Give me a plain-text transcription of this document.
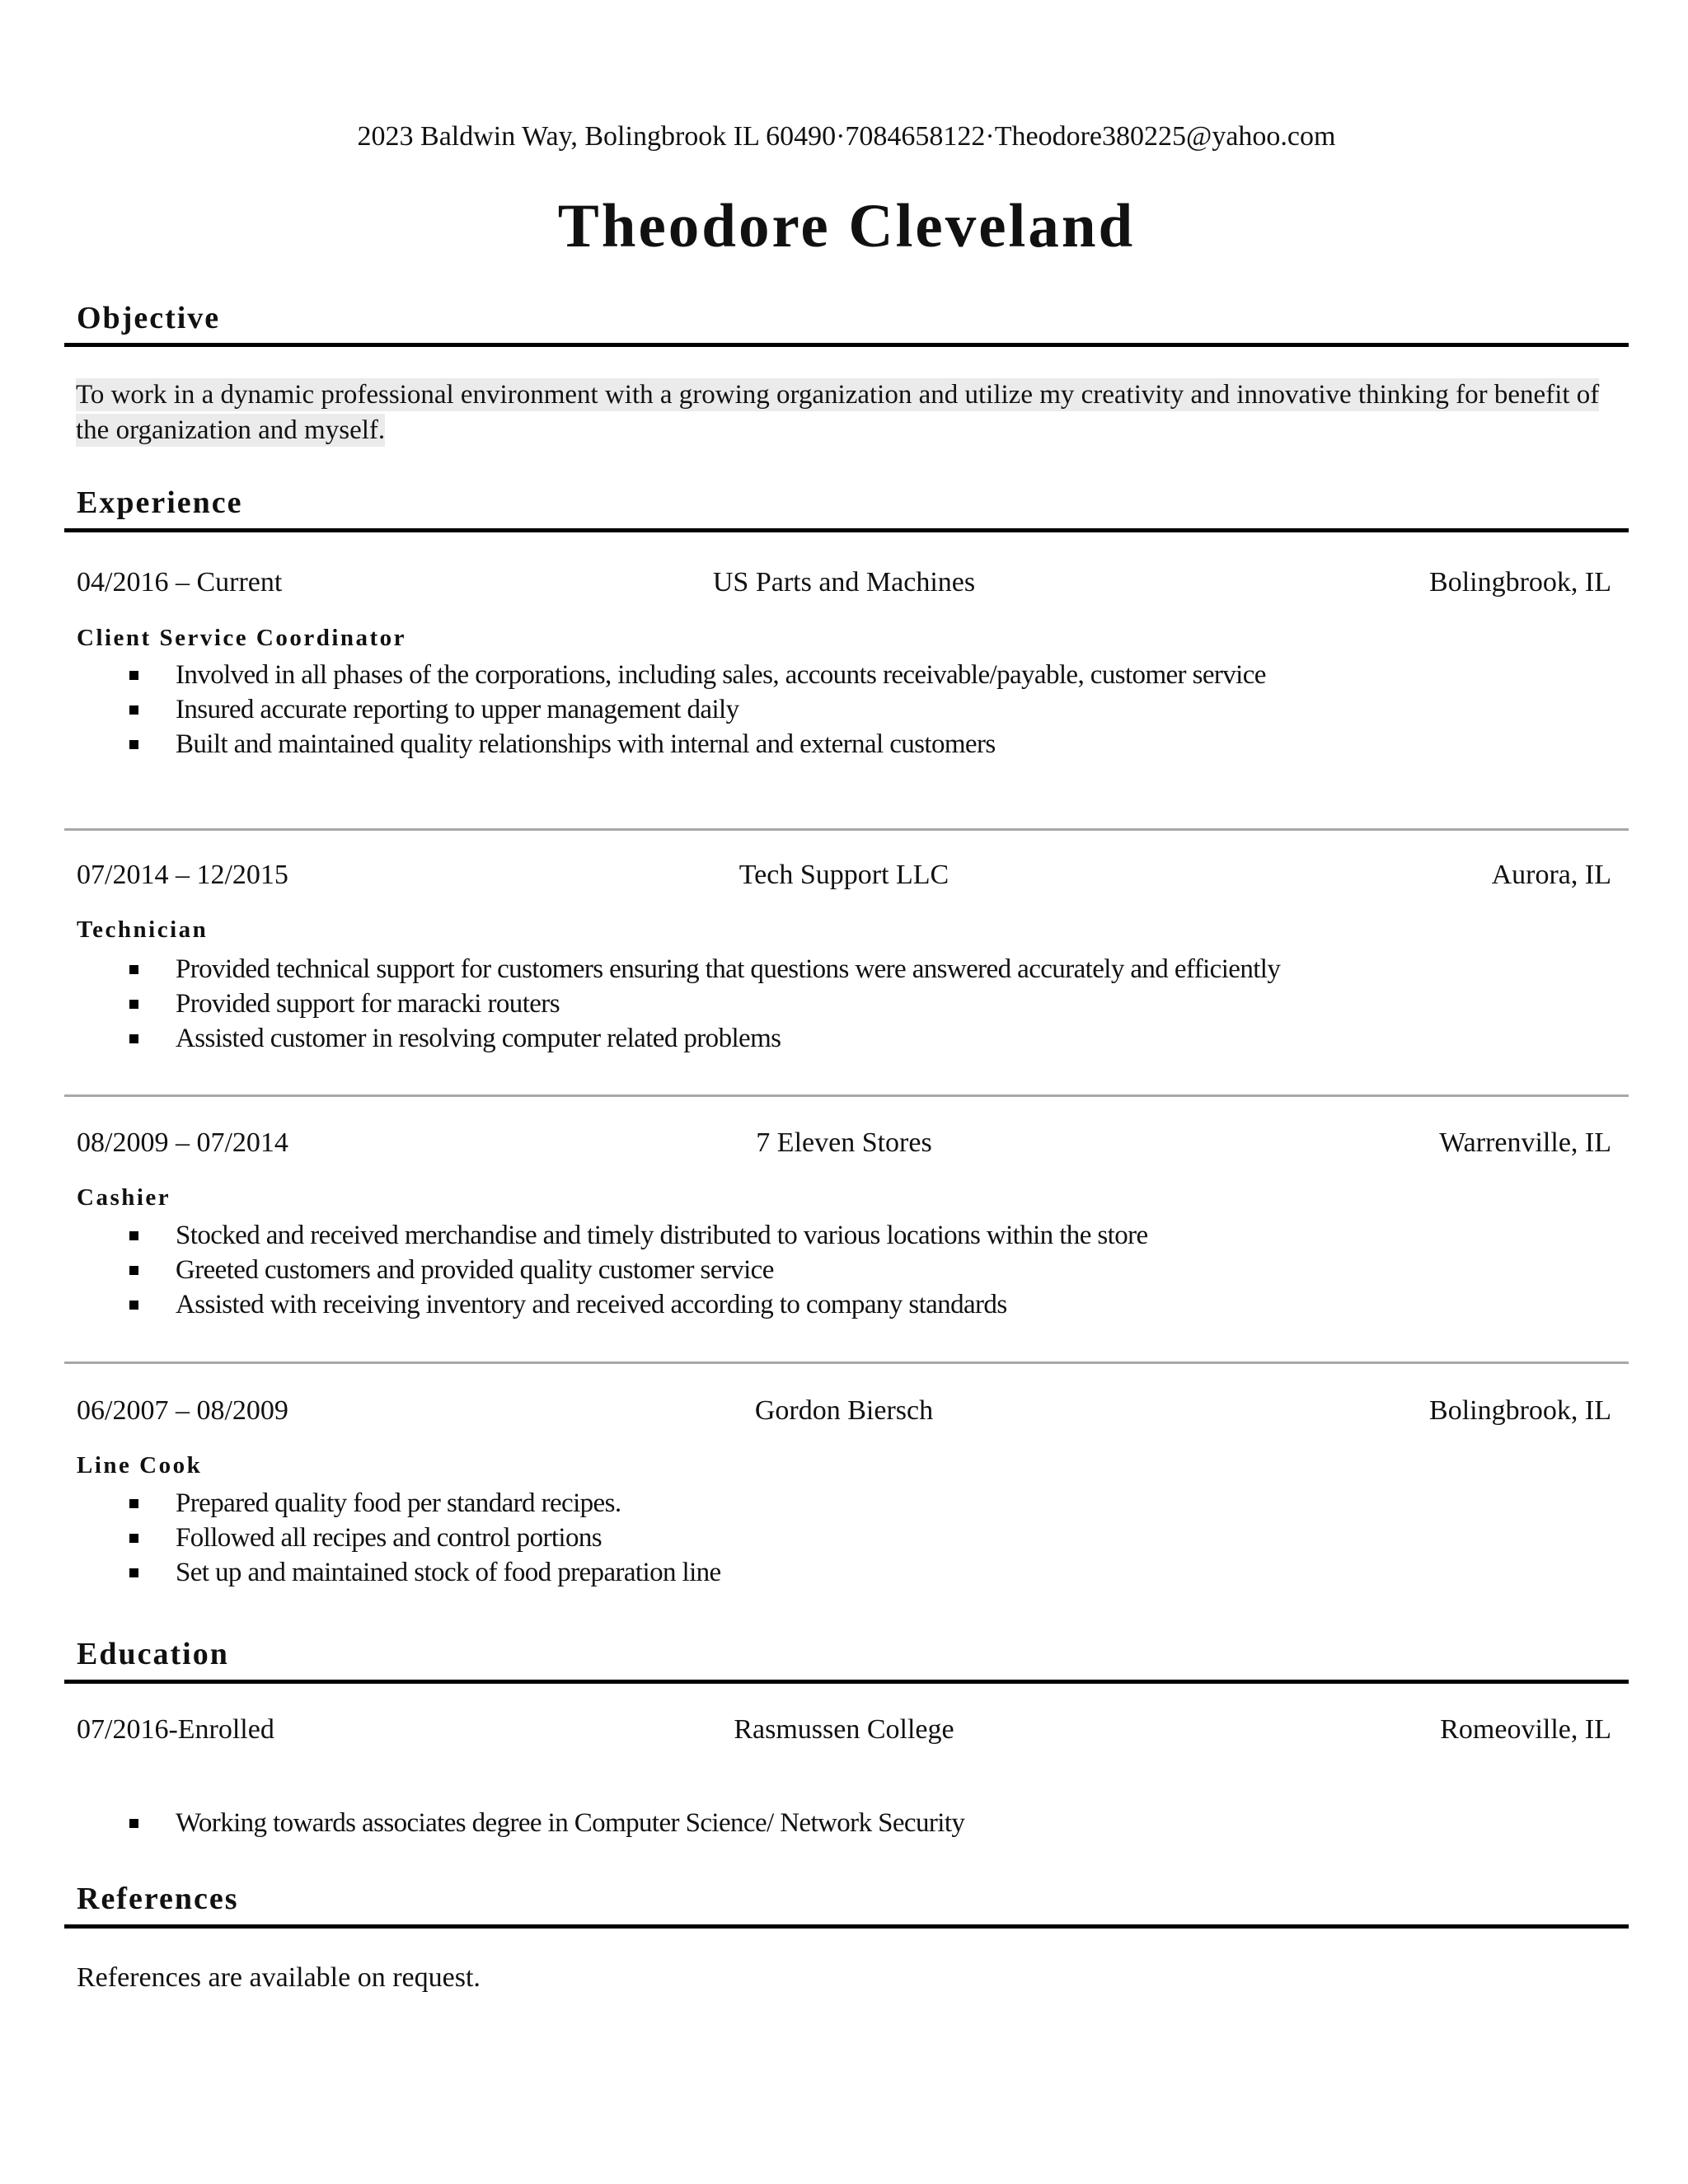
2023 Baldwin Way, Bolingbrook IL 60490·7084658122·Theodore380225@yahoo.com
Theodore Cleveland
Objective
To work in a dynamic professional environment with a growing organization and utilize my creativity and innovative thinking for benefit of the organization and myself.
Experience
04/2016 – Current	US Parts and Machines	Bolingbrook, IL
Client Service Coordinator
Involved in all phases of the corporations, including sales, accounts receivable/payable, customer service
Insured accurate reporting to upper management daily
Built and maintained quality relationships with internal and external customers
07/2014 – 12/2015	Tech Support LLC	Aurora, IL
Technician
Provided technical support for customers ensuring that questions were answered accurately and efficiently
Provided support for maracki routers
Assisted customer in resolving computer related problems
08/2009 – 07/2014	7 Eleven Stores	Warrenville, IL
Cashier
Stocked and received merchandise and timely distributed to various locations within the store
Greeted customers and provided quality customer service
Assisted with receiving inventory and received according to company standards
06/2007 – 08/2009	Gordon Biersch	Bolingbrook, IL
Line Cook
Prepared quality food per standard recipes.
Followed all recipes and control portions
Set up and maintained stock of food preparation line
Education
07/2016-Enrolled	Rasmussen College	Romeoville, IL
Working towards associates degree in Computer Science/ Network Security
References
References are available on request.
